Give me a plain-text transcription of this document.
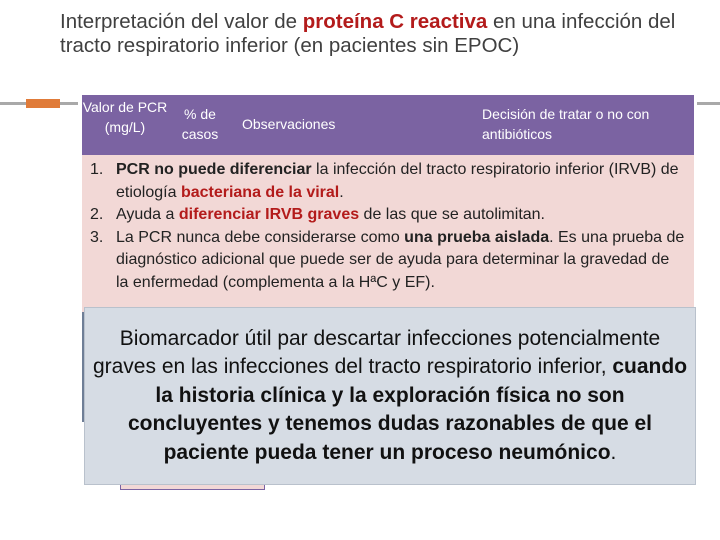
Interpretación del valor de proteína C reactiva en una infección del tracto respiratorio inferior (en pacientes sin EPOC)
Valor de PCR (mg/L)
% de casos
Observaciones
Decisión de tratar o no con antibióticos
1. PCR no puede diferenciar la infección del tracto respiratorio inferior (IRVB) de etiología bacteriana de la viral.
2. Ayuda a diferenciar IRVB graves de las que se autolimitan.
3. La PCR nunca debe considerarse como una prueba aislada. Es una prueba de diagnóstico adicional que puede ser de ayuda para determinar la gravedad de la enfermedad (complementa a la HªC y EF).

Biomarcador útil par descartar infecciones potencialmente graves en las infecciones del tracto respiratorio inferior, cuando la historia clínica y la exploración física no son concluyentes y tenemos dudas razonables de que el paciente pueda tener un proceso neumónico.
